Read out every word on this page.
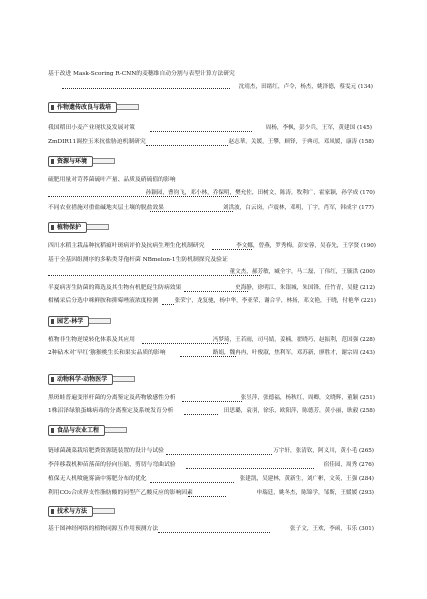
基于改进 Mask-Scoring R-CNN的麦穗维自动分割与表型计算方法研究
沈靖杰，田绪红，卢令，杨杰，姚泽德，蔡雯元 (134)
作物遗传改良与栽培
我国稻田小麦产业现状及发展对策	周杨，李枫，彭少兵，王军，黄建国 (145)
ZmDIR11调控玉米抗盐胁迫机制研究	赵志華，关媛，王攀，顾铎，于典司，邓凤媛，康涛 (158)
资源与环境
硫肥用量对苛荞菌硫叶产量、品质及硝硫值的影响
孙颖园，曹钧飞，邓小林，乔保明，樊允佐，田树文，陈涛，牧利广，霍家颖，孙学成 (170)
不同农业措施对重盐碱地夹层土壤的脱盐效果	刘洪波，白云岗，卢震林，邓明，丁宇，肖军，韩成宇 (177)
植物保护
四川水稻主栽品种抗稻瘟叶斑病评价及抗病生理生化机制研究	李文娜，曾燕，罗秀梅，彭安蓉，吴春先，王学贤 (190)
基于全基因组测序的多粘类芽孢杆菌 NBmelon-1生防机制探究及验证
董文杰，郝芳敏，臧全宇，马二磊，丁伟红，王毓洪 (200)
半夏病害生防菌的筛选及其生物有机肥促生防病效果	史海静，徐明江，朱银城，朱国锋，任竹青，吴健 (212)
柑橘采后分选中咪鲜胺和抑霉唑液浓度检测	张荣宁，龙复驰，杨中华，李亚荣，谢合平，林扬，邓文艳，于晓，付艳华 (221)
园艺·林学
植物非生物逆境转化体系及其应用	冯梦琦，王若雨，司马婧，姜楠，翟晓巧，赵振利，范国强 (228)
2种砧木对‘早红’猕猴桃生长和果实品质的影响	路娟，魏冉冉，叶俊淑，焦利军，邓苏新，廖胜才，谢宗周 (243)
动物科学·动物医学
黑斑蛙普遍变形杆菌的分离鉴定及药物敏感性分析	张昱萍，张德福，杨秋红，周卿，文晓辉，董颖 (251)
1株沼泽绿狼蛋蛛病毒的分离鉴定及系统发育分析	田思璐，袁羽，徐乐，欧阳萍，陈德芳，黄小丽，耿毅 (258)
食品与农业工程
链球菌蔬菜栽培肥粪资源链装置的设计与试验	万宇轩，张清钦，阿义川，黄小毛 (265)
李萍移栽机种苗落苗的径向压缩、剪切与弯曲试验	宿佳园，周秀 (276)
植保无人机喷施雾滴中雾肥分布的优化	张建凯，吴建林，黄新生，刘广彬，文英，王强 (284)
利用CO₂合成界支性脂肪酸的同型产乙酸反应的影响因素	申瑞廷，姚冬杰，陈锦学，邹斯，王媛媛 (293)
技术与方法
基于图神经网络的植物同源互作用预测方法	张子文，王欢，李函，韦乐 (301)
